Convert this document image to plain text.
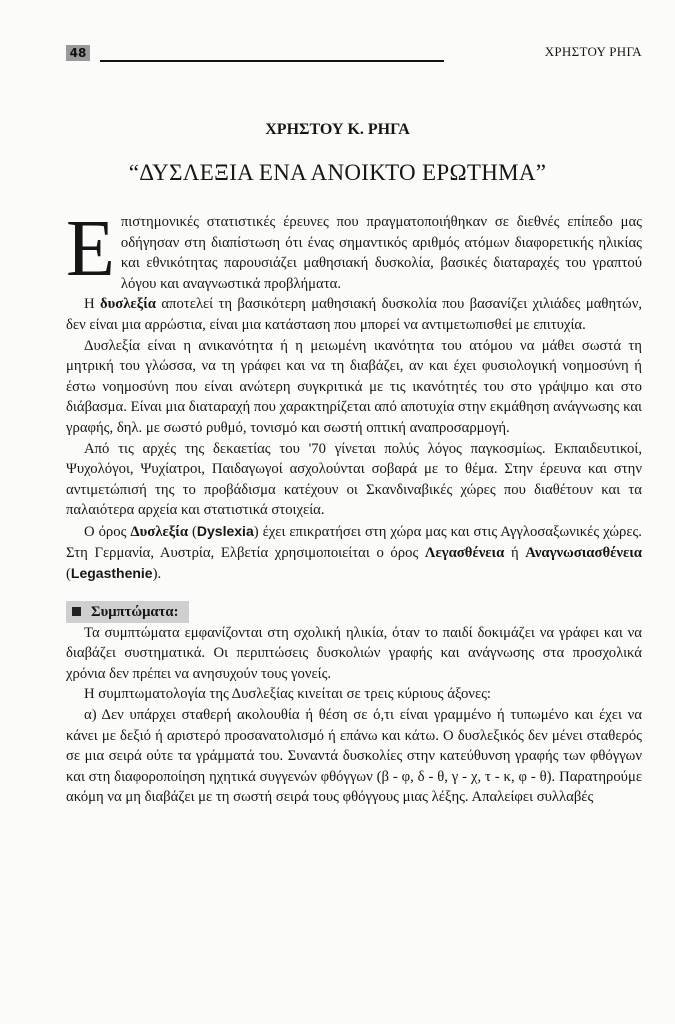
48	ΧΡΗΣΤΟΥ ΡΗΓΑ
ΧΡΗΣΤΟΥ Κ. ΡΗΓΑ
“ΔΥΣΛΕΞΙΑ ΕΝΑ ΑΝΟΙΚΤΟ ΕΡΩΤΗΜΑ”

Ε πιστημονικές στατιστικές έρευνες που πραγματοποιήθηκαν σε διεθνές επίπεδο μας οδήγησαν στη διαπίστωση ότι ένας σημαντικός αριθμός ατόμων διαφορετικής ηλικίας και εθνικότητας παρουσιάζει μαθησιακή δυσκολία, βασικές διαταραχές του γραπτού λόγου και αναγνωστικά προβλήματα.

Η δυσλεξία αποτελεί τη βασικότερη μαθησιακή δυσκολία που βασανίζει χιλιάδες μαθητών, δεν είναι μια αρρώστια, είναι μια κατάσταση που μπορεί να αντιμετωπισθεί με επιτυχία.

Δυσλεξία είναι η ανικανότητα ή η μειωμένη ικανότητα του ατόμου να μάθει σωστά τη μητρική του γλώσσα, να τη γράφει και να τη διαβάζει, αν και έχει φυσιολογική νοημοσύνη ή έστω νοημοσύνη που είναι ανώτερη συγκριτικά με τις ικανότητές του στο γράψιμο και στο διάβασμα. Είναι μια διαταραχή που χαρακτηρίζεται από αποτυχία στην εκμάθηση ανάγνωσης και γραφής, δηλ. με σωστό ρυθμό, τονισμό και σωστή οπτική αναπροσαρμογή.

Από τις αρχές της δεκαετίας του '70 γίνεται πολύς λόγος παγκοσμίως. Εκπαιδευτικοί, Ψυχολόγοι, Ψυχίατροι, Παιδαγωγοί ασχολούνται σοβαρά με το θέμα. Στην έρευνα και στην αντιμετώπισή της το προβάδισμα κατέχουν οι Σκανδιναβικές χώρες που διαθέτουν και τα παλαιότερα αρχεία και στατιστικά στοιχεία.

Ο όρος Δυσλεξία (Dyslexia) έχει επικρατήσει στη χώρα μας και στις Αγγλοσαξωνικές χώρες. Στη Γερμανία, Αυστρία, Ελβετία χρησιμοποιείται ο όρος Λεγασθένεια ή Αναγνωσιασθένεια (Legasthenie).

Συμπτώματα:

Τα συμπτώματα εμφανίζονται στη σχολική ηλικία, όταν το παιδί δοκιμάζει να γράφει και να διαβάζει συστηματικά. Οι περιπτώσεις δυσκολιών γραφής και ανάγνωσης στα προσχολικά χρόνια δεν πρέπει να ανησυχούν τους γονείς.

Η συμπτωματολογία της Δυσλεξίας κινείται σε τρεις κύριους άξονες:

α) Δεν υπάρχει σταθερή ακολουθία ή θέση σε ό,τι είναι γραμμένο ή τυπωμένο και έχει να κάνει με δεξιό ή αριστερό προσανατολισμό ή επάνω και κάτω. Ο δυσλεξικός δεν μένει σταθερός σε μια σειρά ούτε τα γράμματά του. Συναντά δυσκολίες στην κατεύθυνση γραφής των φθόγγων και στη διαφοροποίηση ηχητικά συγγενών φθόγγων (β - φ, δ - θ, γ - χ, τ - κ, φ - θ). Παρατηρούμε ακόμη να μη διαβάζει με τη σωστή σειρά τους φθόγγους μιας λέξης. Απαλείφει συλλαβές
